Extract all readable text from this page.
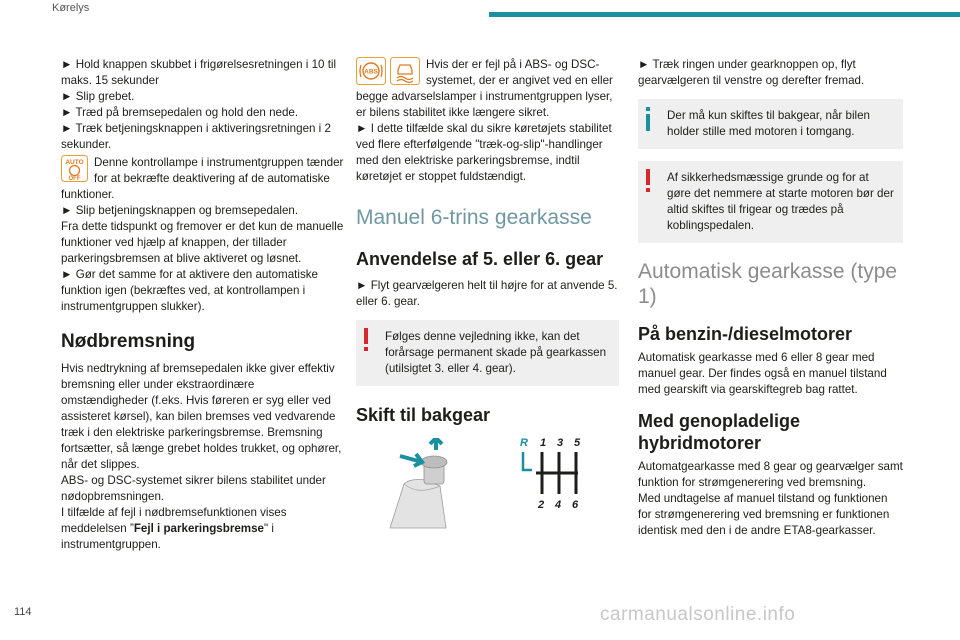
Kørelys

► Hold knappen skubbet i frigørelsesretningen i 10 til maks. 15 sekunder

► Slip grebet.

► Træd på bremsepedalen og hold den nede.

► Træk betjeningsknappen i aktiveringsretningen i 2 sekunder.

AUTO
OFF

Denne kontrollampe i instrumentgruppen tænder for at bekræfte deaktivering af de automatiske funktioner.

► Slip betjeningsknappen og bremsepedalen.

Fra dette tidspunkt og fremover er det kun de manuelle funktioner ved hjælp af knappen, der tillader parkeringsbremsen at blive aktiveret og løsnet.

► Gør det samme for at aktivere den automatiske funktion igen (bekræftes ved, at kontrollampen i instrumentgruppen slukker).

Nødbremsning

Hvis nedtrykning af bremsepedalen ikke giver effektiv bremsning eller under ekstraordinære omstændigheder (f.eks. Hvis føreren er syg eller ved assisteret kørsel), kan bilen bremses ved vedvarende træk i den elektriske parkeringsbremse. Bremsning fortsætter, så længe grebet holdes trukket, og ophører, når det slippes.

ABS- og DSC-systemet sikrer bilens stabilitet under nødopbremsningen.

I tilfælde af fejl i nødbremsefunktionen vises meddelelsen ”Fejl i parkeringsbremse" i instrumentgruppen.

ABS

Hvis der er fejl på i ABS- og DSC-systemet, der er angivet ved en eller begge advarselslamper i instrumentgruppen lyser, er bilens stabilitet ikke længere sikret.

► I dette tilfælde skal du sikre køretøjets stabilitet ved flere efterfølgende "træk-og-slip"-handlinger med den elektriske parkeringsbremse, indtil køretøjet er stoppet fuldstændigt.

Manuel 6-trins gearkasse
Anvendelse af 5. eller 6. gear

► Flyt gearvælgeren helt til højre for at anvende 5. eller 6. gear.

Følges denne vejledning ikke, kan det forårsage permanent skade på gearkassen (utilsigtet 3. eller 4. gear).
Skift til bakgear
R 1 3 5
2 4 6

► Træk ringen under gearknoppen op, flyt gearvælgeren til venstre og derefter fremad.

Der må kun skiftes til bakgear, når bilen holder stille med motoren i tomgang.
Af sikkerhedsmæssige grunde og for at gøre det nemmere at starte motoren bør der altid skiftes til frigear og trædes på koblingspedalen.
Automatisk gearkasse (type 1)
På benzin-/dieselmotorer

Automatisk gearkasse med 6 eller 8 gear med manuel gear. Der findes også en manuel tilstand med gearskift via gearskiftegreb bag rattet.

Med genopladelige hybridmotorer

Automatgearkasse med 8 gear og gearvælger samt funktion for strømgenerering ved bremsning.

Med undtagelse af manuel tilstand og funktionen for strømgenerering ved bremsning er funktionen identisk med den i de andre ETA8-gearkasser.

114	carmanualsonline.info
